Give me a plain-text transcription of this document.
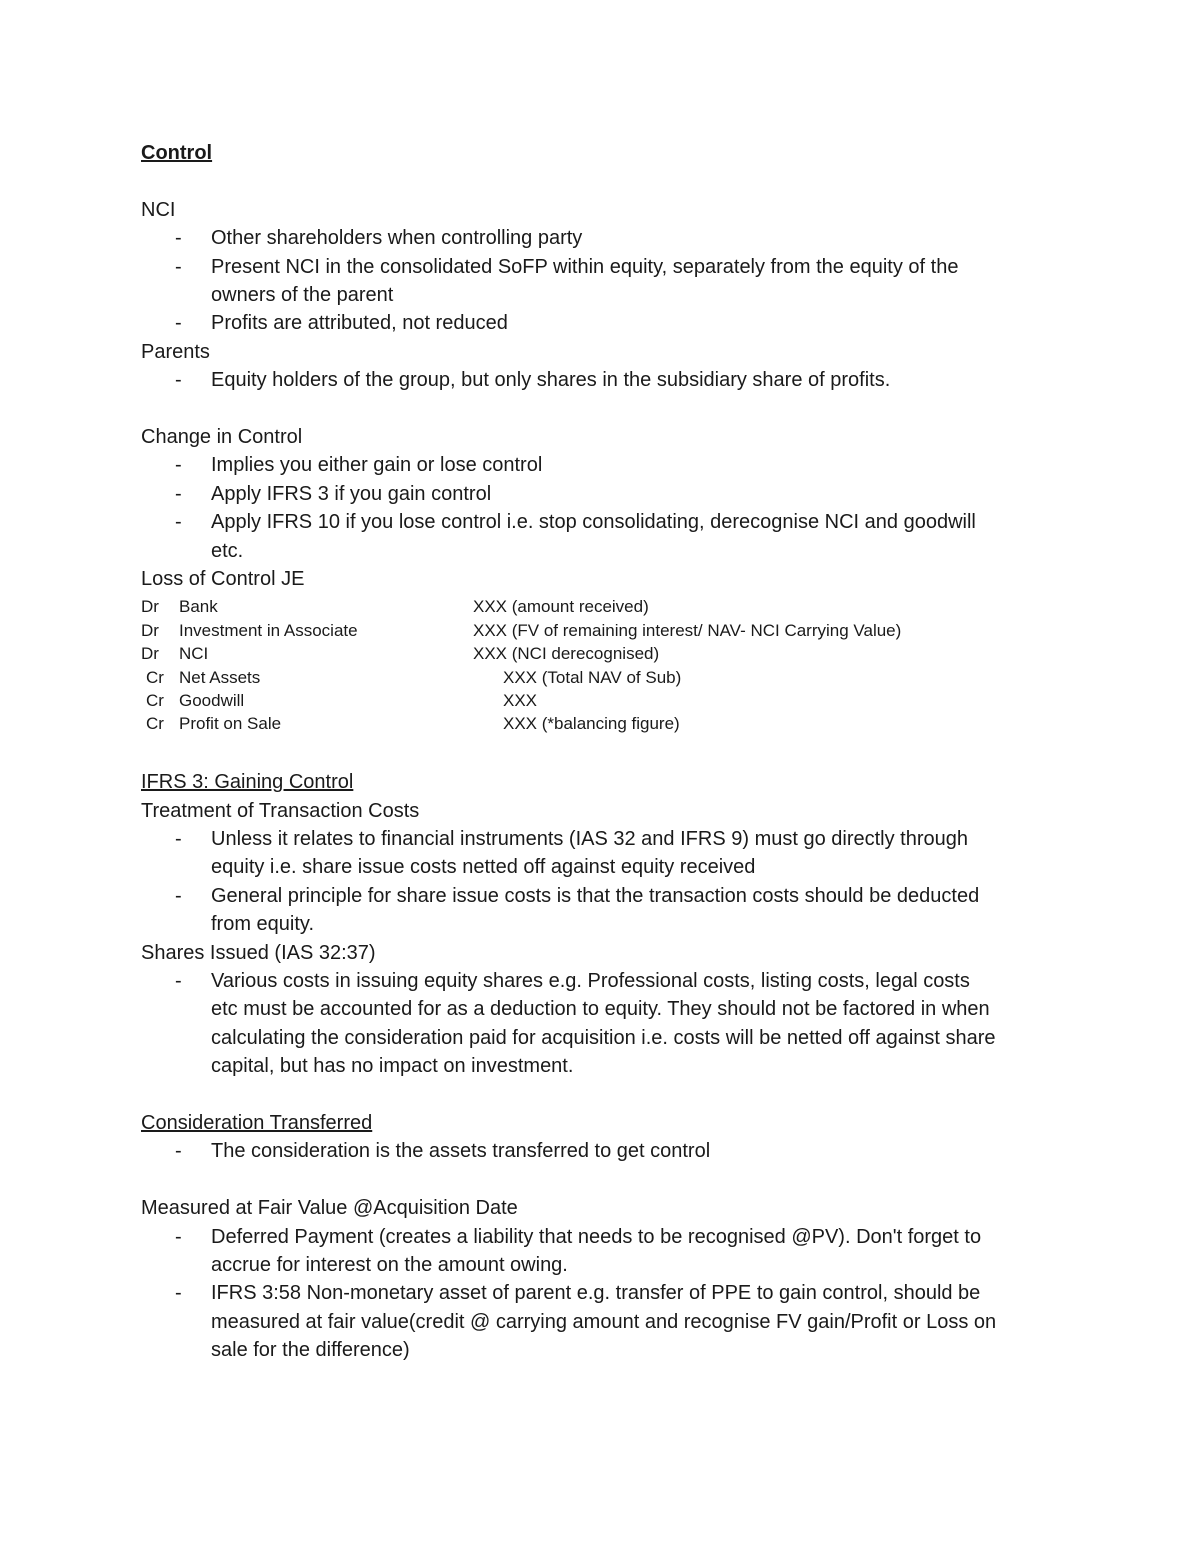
Control
NCI
- Other shareholders when controlling party
- Present NCI in the consolidated SoFP within equity, separately from the equity of the
owners of the parent
- Profits are attributed, not reduced
Parents
- Equity holders of the group, but only shares in the subsidiary share of profits.
Change in Control
- Implies you either gain or lose control
- Apply IFRS 3 if you gain control
- Apply IFRS 10 if you lose control i.e. stop consolidating, derecognise NCI and goodwill
etc.
Loss of Control JE
Dr Bank	XXX (amount received)
Dr Investment in Associate	XXX (FV of remaining interest/ NAV- NCI Carrying Value)
Dr NCI	XXX (NCI derecognised)
Cr Net Assets	XXX (Total NAV of Sub)
Cr Goodwill	XXX
Cr Profit on Sale	XXX (*balancing figure)
IFRS 3: Gaining Control
Treatment of Transaction Costs
- Unless it relates to financial instruments (IAS 32 and IFRS 9) must go directly through
equity i.e. share issue costs netted off against equity received
- General principle for share issue costs is that the transaction costs should be deducted
from equity.
Shares Issued (IAS 32:37)
- Various costs in issuing equity shares e.g. Professional costs, listing costs, legal costs
etc must be accounted for as a deduction to equity. They should not be factored in when
calculating the consideration paid for acquisition i.e. costs will be netted off against share
capital, but has no impact on investment.
Consideration Transferred
- The consideration is the assets transferred to get control
Measured at Fair Value @Acquisition Date
- Deferred Payment (creates a liability that needs to be recognised @PV). Don't forget to
accrue for interest on the amount owing.
- IFRS 3:58 Non-monetary asset of parent e.g. transfer of PPE to gain control, should be
measured at fair value(credit @ carrying amount and recognise FV gain/Profit or Loss on
sale for the difference)
